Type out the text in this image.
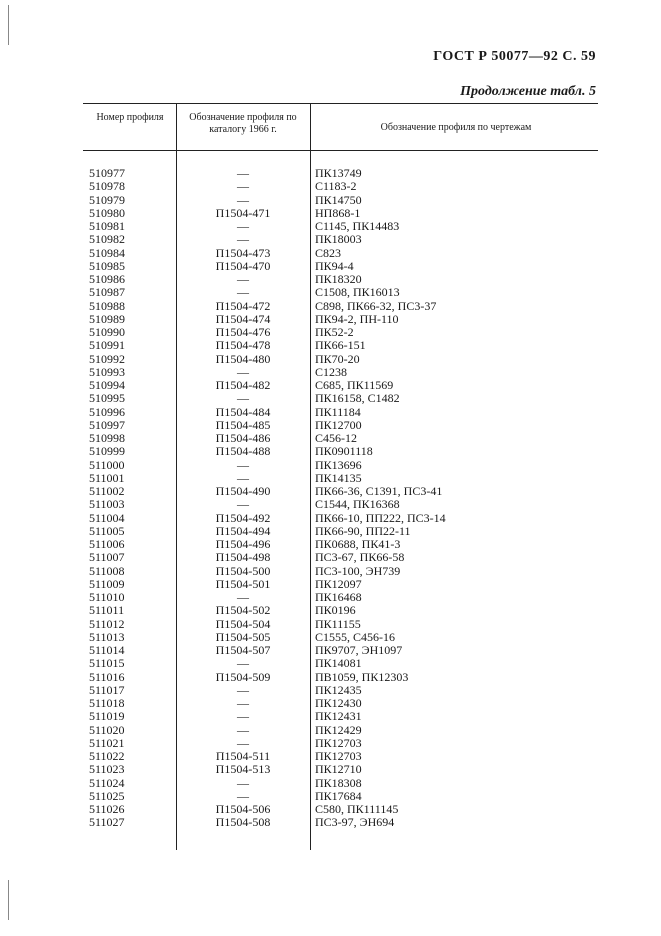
ГОСТ Р 50077—92 С. 59
Продолжение табл. 5
Номер профиля	Обозначение профиля по каталогу 1966 г.	Обозначение профиля по чертежам
510977	—	ПК13749
510978	—	С1183-2
510979	—	ПК14750
510980	П1504-471	НП868-1
510981	—	С1145, ПК14483
510982	—	ПК18003
510984	П1504-473	С823
510985	П1504-470	ПК94-4
510986	—	ПК18320
510987	—	С1508, ПК16013
510988	П1504-472	С898, ПК66-32, ПС3-37
510989	П1504-474	ПК94-2, ПН-110
510990	П1504-476	ПК52-2
510991	П1504-478	ПК66-151
510992	П1504-480	ПК70-20
510993	—	С1238
510994	П1504-482	С685, ПК11569
510995	—	ПК16158, С1482
510996	П1504-484	ПК11184
510997	П1504-485	ПК12700
510998	П1504-486	С456-12
510999	П1504-488	ПК0901118
511000	—	ПК13696
511001	—	ПК14135
511002	П1504-490	ПК66-36, С1391, ПС3-41
511003	—	С1544, ПК16368
511004	П1504-492	ПК66-10, ПП222, ПС3-14
511005	П1504-494	ПК66-90, ПП22-11
511006	П1504-496	ПК0688, ПК41-3
511007	П1504-498	ПС3-67, ПК66-58
511008	П1504-500	ПС3-100, ЭН739
511009	П1504-501	ПК12097
511010	—	ПК16468
511011	П1504-502	ПК0196
511012	П1504-504	ПК11155
511013	П1504-505	С1555, С456-16
511014	П1504-507	ПК9707, ЭН1097
511015	—	ПК14081
511016	П1504-509	ПВ1059, ПК12303
511017	—	ПК12435
511018	—	ПК12430
511019	—	ПК12431
511020	—	ПК12429
511021	—	ПК12703
511022	П1504-511	ПК12703
511023	П1504-513	ПК12710
511024	—	ПК18308
511025	—	ПК17684
511026	П1504-506	С580, ПК111145
511027	П1504-508	ПС3-97, ЭН694
